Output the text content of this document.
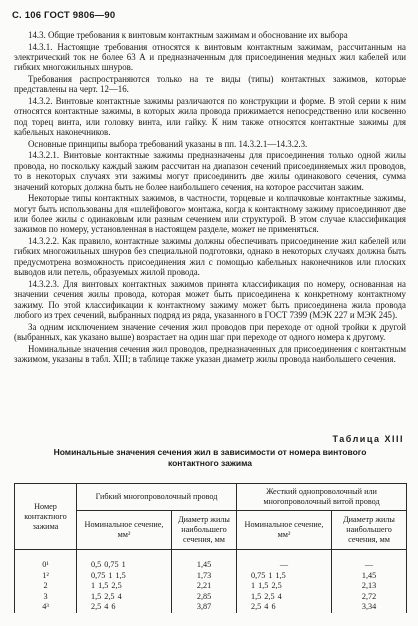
С. 106 ГОСТ 9806—90

14.3. Общие требования к винтовым контактным зажимам и обоснование их выбора

14.3.1. Настоящие требования относятся к винтовым контактным зажимам, рассчитанным на электрический ток не более 63 А и предназначенным для присоединения медных жил кабелей или гибких многожильных шнуров.

Требования распространяются только на те виды (типы) контактных зажимов, которые представлены на черт. 12—16.

14.3.2. Винтовые контактные зажимы различаются по конструкции и форме. В этой серии к ним относятся контактные зажимы, в которых жила провода прижимается непосредственно или косвенно под торец винта, или головку винта, или гайку. К ним также относятся контактные зажимы для кабельных наконечников.

Основные принципы выбора требований указаны в пп. 14.3.2.1—14.3.2.3.

14.3.2.1. Винтовые контактные зажимы предназначены для присоединения только одной жилы провода, но поскольку каждый зажим рассчитан на диапазон сечений присоединяемых жил проводов, то в некоторых случаях эти зажимы могут присоединить две жилы одинакового сечения, сумма значений которых должна быть не более наибольшего сечения, на которое рассчитан зажим.

Некоторые типы контактных зажимов, в частности, торцевые и колпачковые контактные зажимы, могут быть использованы для «шлейфового» монтажа, когда к контактному зажиму присоединяют две или более жилы с одинаковым или разным сечением или структурой. В этом случае классификация зажимов по номеру, установленная в настоящем разделе, может не применяться.

14.3.2.2. Как правило, контактные зажимы должны обеспечивать присоединение жил кабелей или гибких многожильных шнуров без специальной подготовки, однако в некоторых случаях должна быть предусмотрена возможность присоединения жил с помощью кабельных наконечников или плоских выводов или петель, образуемых жилой провода.

14.3.2.3. Для винтовых контактных зажимов принята классификация по номеру, основанная на значении сечения жилы провода, которая может быть присоединена к конкретному контактному зажиму. По этой классификации к контактному зажиму может быть присоединена жила провода любого из трех сечений, выбранных подряд из ряда, указанного в ГОСТ 7399 (МЭК 227 и МЭК 245).

За одним исключением значение сечения жил проводов при переходе от одной тройки к другой (выбранных, как указано выше) возрастает на один шаг при переходе от одного номера к другому.

Номинальные значения сечения жил проводов, предназначенных для присоединения с контактным зажимом, указаны в табл. XIII; в таблице также указан диаметр жилы провода наибольшего сечения.

Таблица XIII
Номинальные значения сечения жил в зависимости от номера винтового контактного зажима
Номер контактного зажима	Гибкий многопроволочный провод		Жесткий однопроволочный или многопроволочный витой провод	
	Номинальное сечение, мм²	Диаметр жилы наибольшего сечения, мм	Номинальное сечение, мм²	Диаметр жилы наибольшего сечения, мм
0¹	0,5 0,75 1	1,45	—	—
1²	0,75 1 1,5	1,73	0,75 1 1,5	1,45
2	1 1,5 2,5	2,21	1 1,5 2,5	2,13
3	1,5 2,5 4	2,85	1,5 2,5 4	2,72
4³	2,5 4 6	3,87	2,5 4 6	3,34
